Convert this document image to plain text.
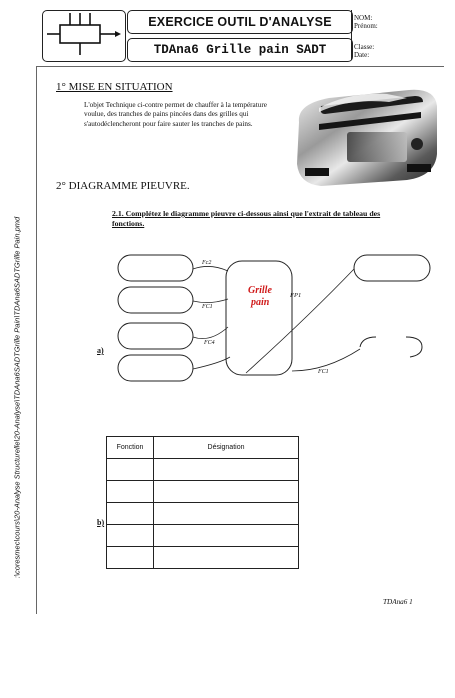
EXERCICE OUTIL D'ANALYSE
TDAna6 Grille pain SADT
NOM:
Prénom:
Classe:
Date:
:\coresmec\cours\20-Analyse Structurelle\20-Analyse\TDAna6SADTGrille Pain\TDAna6SADTGrille Pain.pmd
1° MISE EN SITUATION
L'objet Technique ci-contre permet de chauffer à la température voulue, des tranches de pains pincées dans des grilles qui s'autodéclencheront pour faire sauter les tranches de pains.
2° DIAGRAMME PIEUVRE.
2.1. Complétez le diagramme pieuvre ci-dessous ainsi que l'extrait de tableau des fonctions.
Fc2
FC1
FC4
FP1
FC1
Grille
pain
a)
Fonction	Désignation

b)
TDAna6 1
